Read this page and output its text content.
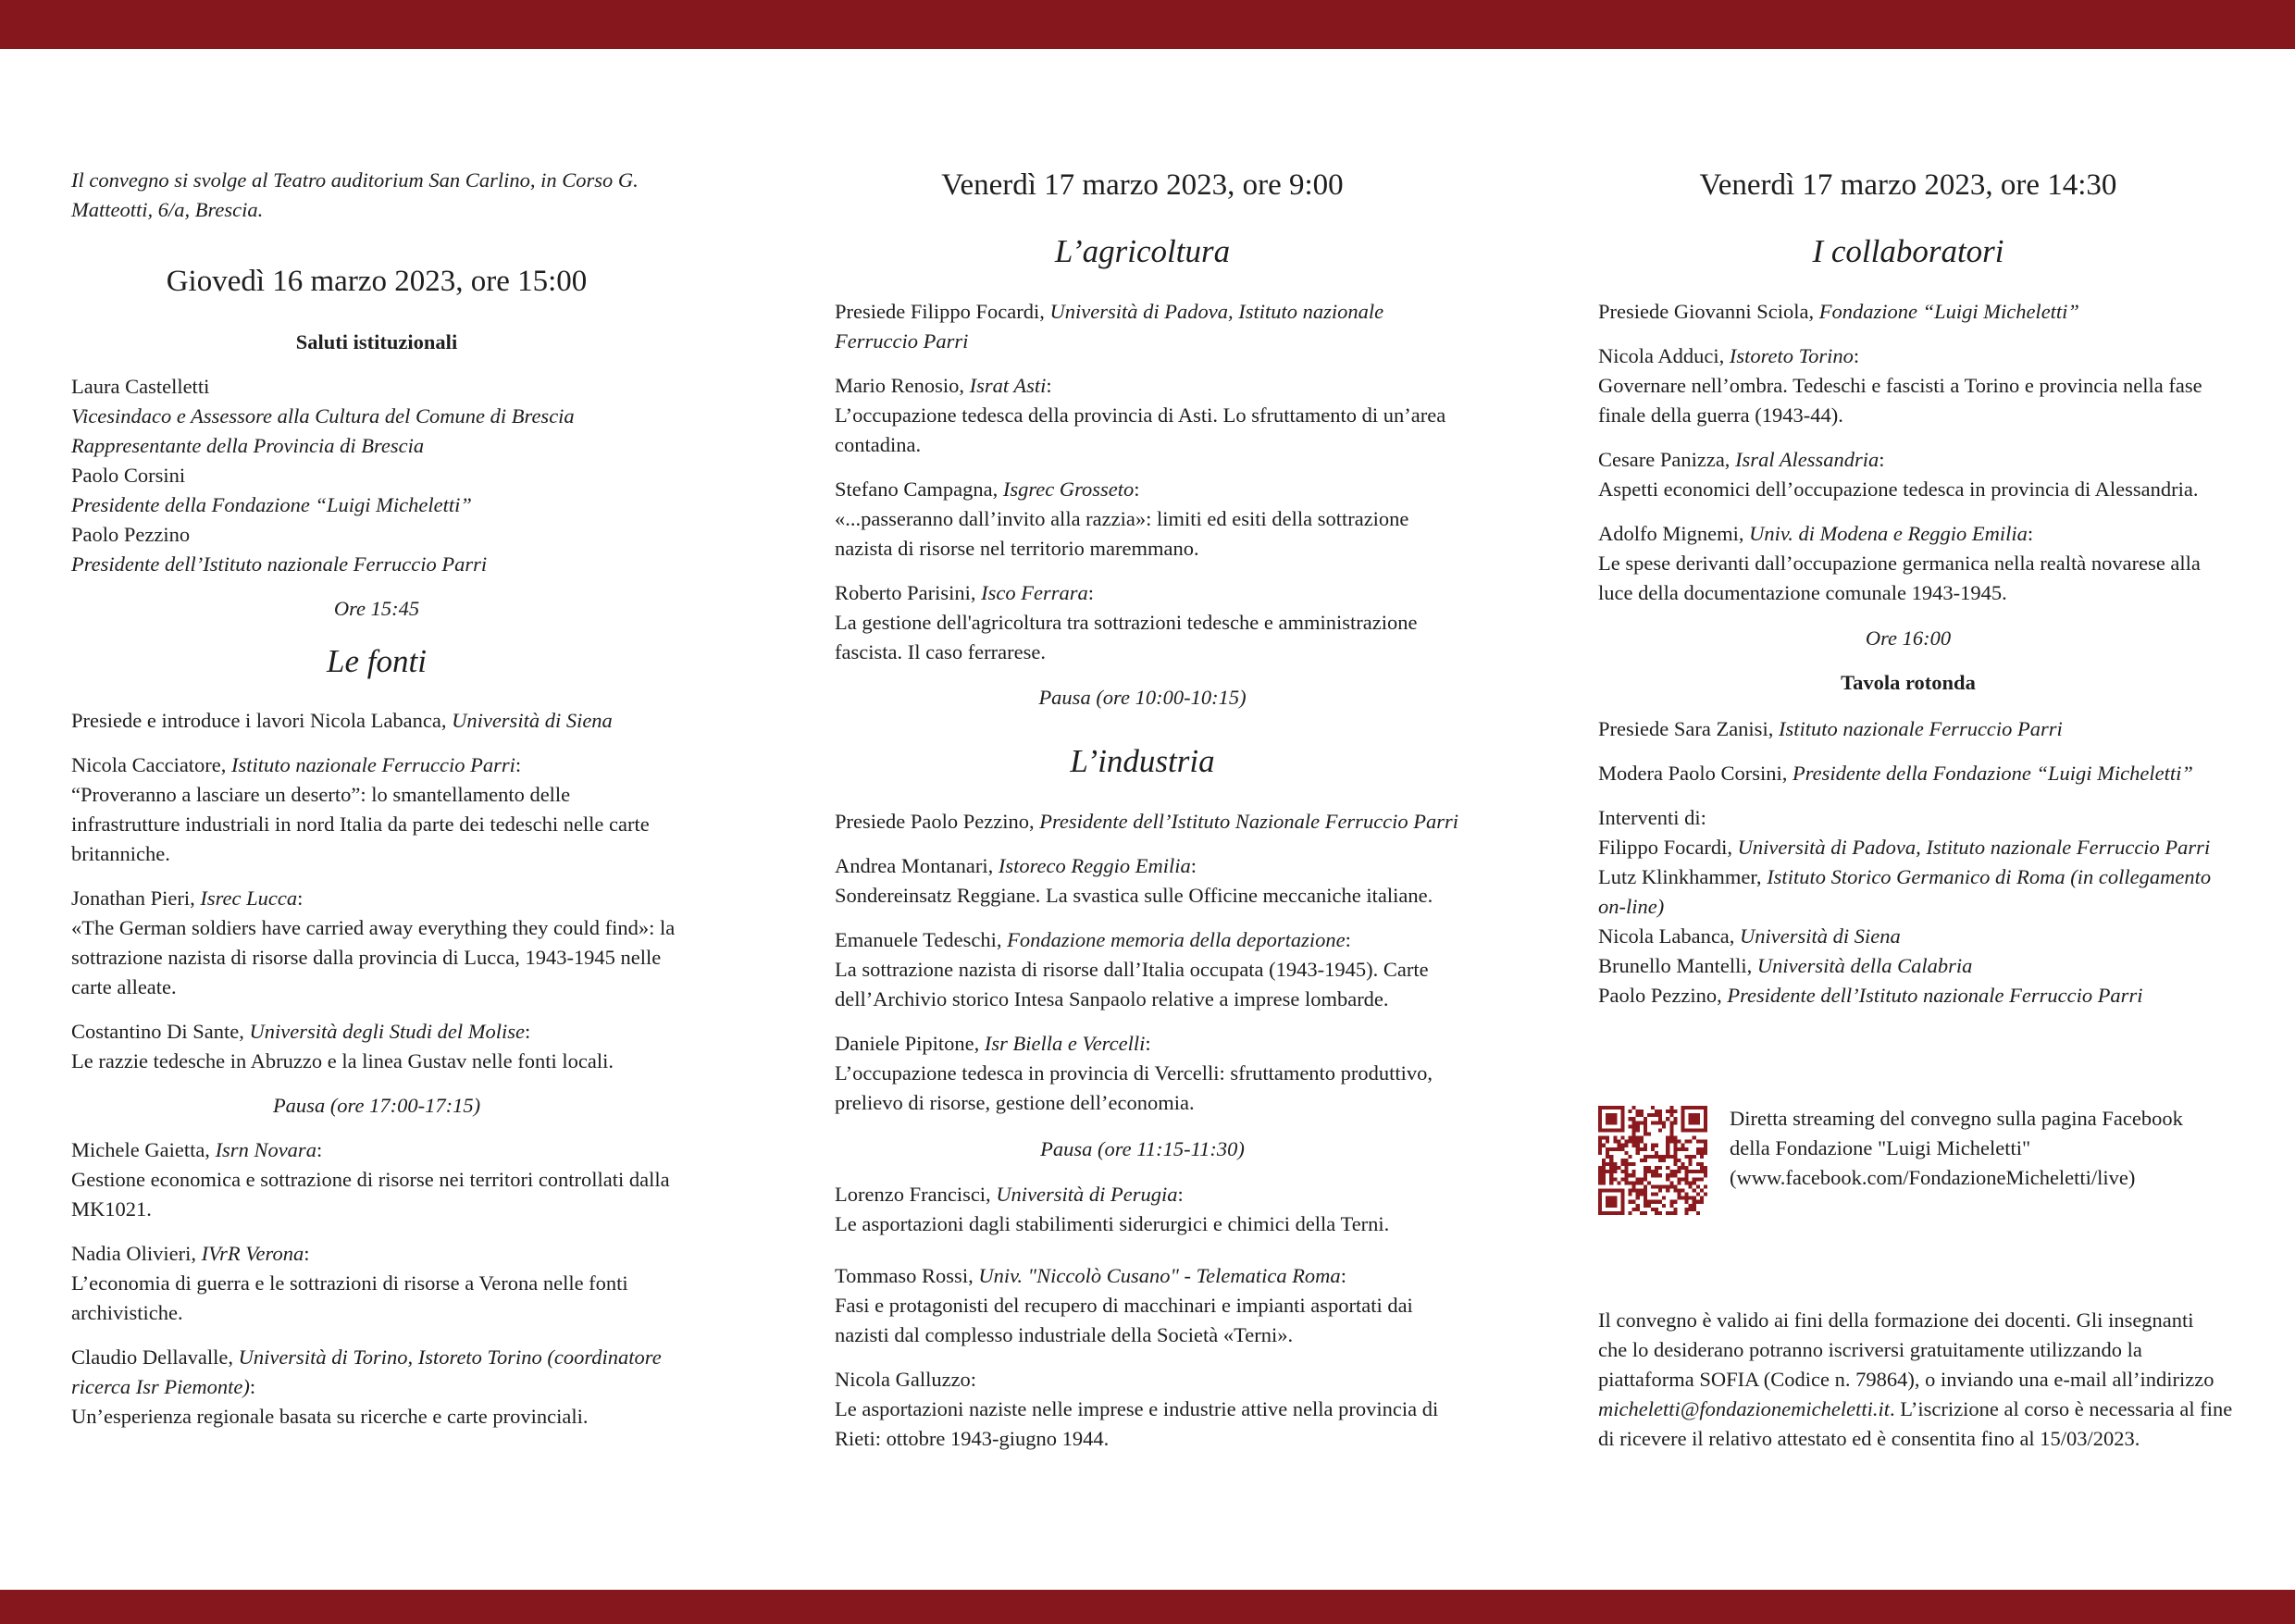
Il convegno si svolge al Teatro auditorium San Carlino, in Corso G.
Matteotti, 6/a, Brescia.
Giovedì 16 marzo 2023, ore 15:00
Saluti istituzionali
Laura Castelletti
Vicesindaco e Assessore alla Cultura del Comune di Brescia
Rappresentante della Provincia di Brescia
Paolo Corsini
Presidente della Fondazione “Luigi Micheletti”
Paolo Pezzino
Presidente dell’Istituto nazionale Ferruccio Parri
Ore 15:45
Le fonti
Presiede e introduce i lavori Nicola Labanca, Università di Siena
Nicola Cacciatore, Istituto nazionale Ferruccio Parri:
“Proveranno a lasciare un deserto”: lo smantellamento delle
infrastrutture industriali in nord Italia da parte dei tedeschi nelle carte
britanniche.
Jonathan Pieri, Isrec Lucca:
«The German soldiers have carried away everything they could find»: la
sottrazione nazista di risorse dalla provincia di Lucca, 1943-1945 nelle
carte alleate.
Costantino Di Sante, Università degli Studi del Molise:
Le razzie tedesche in Abruzzo e la linea Gustav nelle fonti locali.
Pausa (ore 17:00-17:15)
Michele Gaietta, Isrn Novara:
Gestione economica e sottrazione di risorse nei territori controllati dalla
MK1021.
Nadia Olivieri, IVrR Verona:
L’economia di guerra e le sottrazioni di risorse a Verona nelle fonti
archivistiche.
Claudio Dellavalle, Università di Torino, Istoreto Torino (coordinatore
ricerca Isr Piemonte):
Un’esperienza regionale basata su ricerche e carte provinciali.
Venerdì 17 marzo 2023, ore 9:00
L’agricoltura
Presiede Filippo Focardi, Università di Padova, Istituto nazionale
Ferruccio Parri
Mario Renosio, Israt Asti:
L’occupazione tedesca della provincia di Asti. Lo sfruttamento di un’area
contadina.
Stefano Campagna, Isgrec Grosseto:
«...passeranno dall’invito alla razzia»: limiti ed esiti della sottrazione
nazista di risorse nel territorio maremmano.
Roberto Parisini, Isco Ferrara:
La gestione dell'agricoltura tra sottrazioni tedesche e amministrazione
fascista. Il caso ferrarese.
Pausa (ore 10:00-10:15)
L’industria
Presiede Paolo Pezzino, Presidente dell’Istituto Nazionale Ferruccio Parri
Andrea Montanari, Istoreco Reggio Emilia:
Sondereinsatz Reggiane. La svastica sulle Officine meccaniche italiane.
Emanuele Tedeschi, Fondazione memoria della deportazione:
La sottrazione nazista di risorse dall’Italia occupata (1943-1945). Carte
dell’Archivio storico Intesa Sanpaolo relative a imprese lombarde.
Daniele Pipitone, Isr Biella e Vercelli:
L’occupazione tedesca in provincia di Vercelli: sfruttamento produttivo,
prelievo di risorse, gestione dell’economia.
Pausa (ore 11:15-11:30)
Lorenzo Francisci, Università di Perugia:
Le asportazioni dagli stabilimenti siderurgici e chimici della Terni.
Tommaso Rossi, Univ. "Niccolò Cusano" - Telematica Roma:
Fasi e protagonisti del recupero di macchinari e impianti asportati dai
nazisti dal complesso industriale della Società «Terni».
Nicola Galluzzo:
Le asportazioni naziste nelle imprese e industrie attive nella provincia di
Rieti: ottobre 1943-giugno 1944.
Venerdì 17 marzo 2023, ore 14:30
I collaboratori
Presiede Giovanni Sciola, Fondazione “Luigi Micheletti”
Nicola Adduci, Istoreto Torino:
Governare nell’ombra. Tedeschi e fascisti a Torino e provincia nella fase
finale della guerra (1943-44).
Cesare Panizza, Isral Alessandria:
Aspetti economici dell’occupazione tedesca in provincia di Alessandria.
Adolfo Mignemi, Univ. di Modena e Reggio Emilia:
Le spese derivanti dall’occupazione germanica nella realtà novarese alla
luce della documentazione comunale 1943-1945.
Ore 16:00
Tavola rotonda
Presiede Sara Zanisi, Istituto nazionale Ferruccio Parri
Modera Paolo Corsini, Presidente della Fondazione “Luigi Micheletti”
Interventi di:
Filippo Focardi, Università di Padova, Istituto nazionale Ferruccio Parri
Lutz Klinkhammer, Istituto Storico Germanico di Roma (in collegamento
on-line)
Nicola Labanca, Università di Siena
Brunello Mantelli, Università della Calabria
Paolo Pezzino, Presidente dell’Istituto nazionale Ferruccio Parri
Diretta streaming del convegno sulla pagina Facebook
della Fondazione "Luigi Micheletti"
(www.facebook.com/FondazioneMicheletti/live)
Il convegno è valido ai fini della formazione dei docenti. Gli insegnanti
che lo desiderano potranno iscriversi gratuitamente utilizzando la
piattaforma SOFIA (Codice n. 79864), o inviando una e-mail all’indirizzo
micheletti@fondazionemicheletti.it. L’iscrizione al corso è necessaria al fine
di ricevere il relativo attestato ed è consentita fino al 15/03/2023.
